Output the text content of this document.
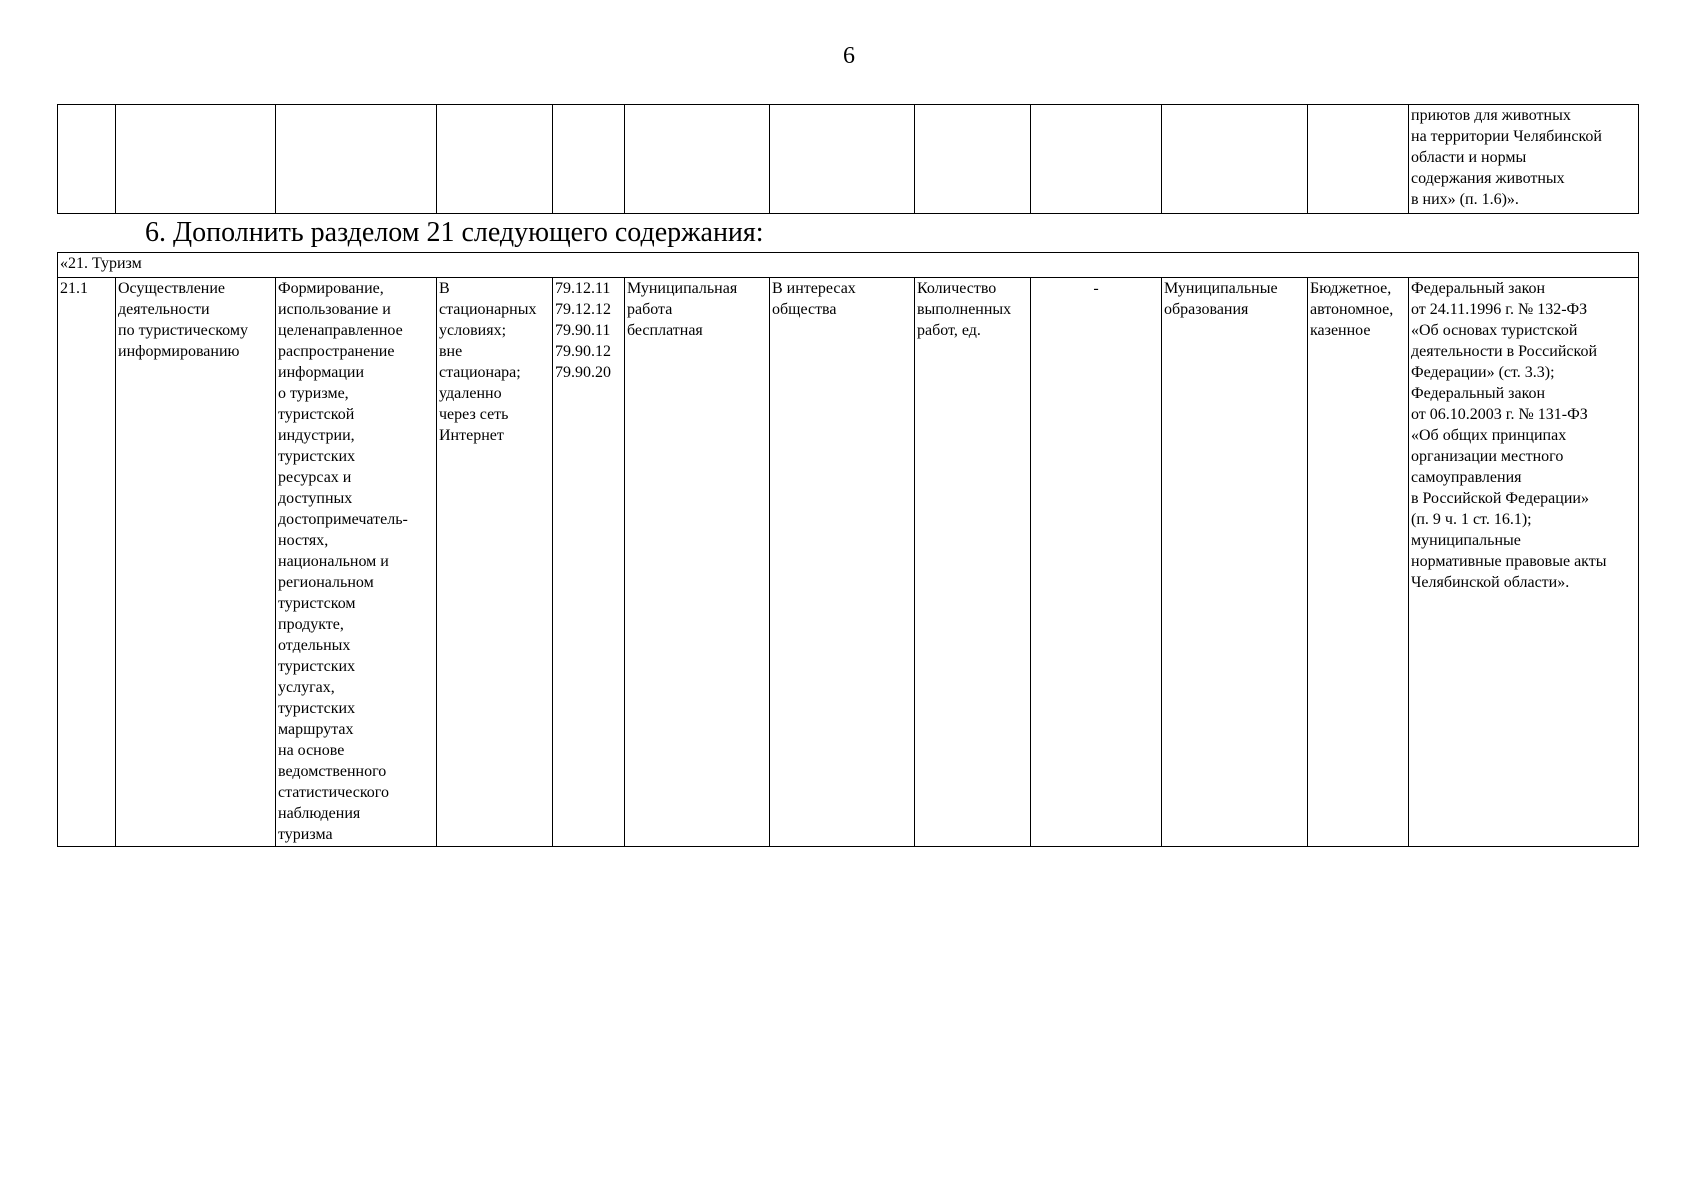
6
											приютов для животных
на территории Челябинской
области и нормы
содержания животных
в них» (п. 1.6)».
6. Дополнить разделом 21 следующего содержания:
«21. Туризм
21.1	Осуществление
деятельности
по туристическому
информированию	Формирование,
использование и
целенаправленное
распространение
информации
о туризме,
туристской
индустрии,
туристских
ресурсах и
доступных
достопримечатель-
ностях,
национальном и
региональном
туристском
продукте,
отдельных
туристских
услугах,
туристских
маршрутах
на основе
ведомственного
статистического
наблюдения
туризма	В
стационарных
условиях;
вне
стационара;
удаленно
через сеть
Интернет	79.12.11
79.12.12
79.90.11
79.90.12
79.90.20	Муниципальная
работа
бесплатная	В интересах
общества	Количество
выполненных
работ, ед.	-	Муниципальные
образования	Бюджетное,
автономное,
казенное	Федеральный закон
от 24.11.1996 г. № 132-ФЗ
«Об основах туристской
деятельности в Российской
Федерации» (ст. 3.3);
Федеральный закон
от 06.10.2003 г. № 131-ФЗ
«Об общих принципах
организации местного
самоуправления
в Российской Федерации»
(п. 9 ч. 1 ст. 16.1);
муниципальные
нормативные правовые акты
Челябинской области».
